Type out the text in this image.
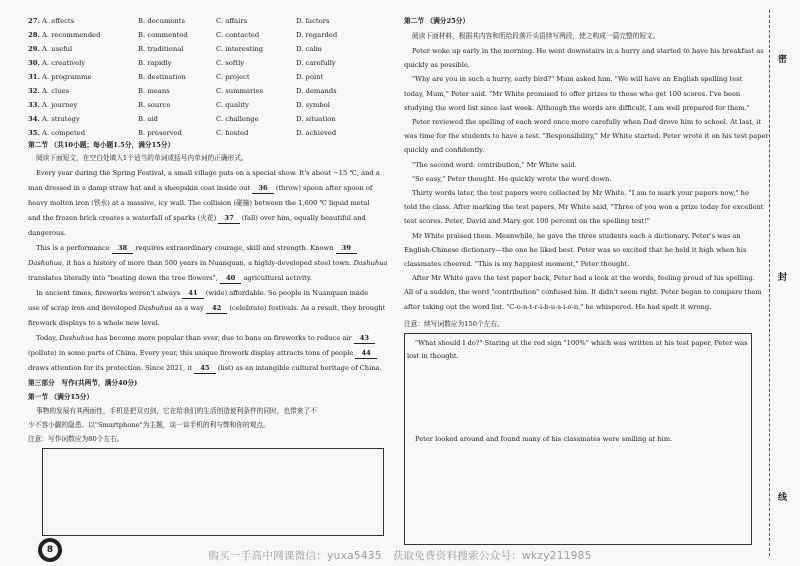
27. A. effects	B. documents	C. affairs	D. factors
28. A. recommended	B. commented	C. contacted	D. regarded
29. A. useful	B. traditional	C. interesting	D. calm
30. A. creatively	B. rapidly	C. softly	D. carefully
31. A. programme	B. destination	C. project	D. point
32. A. clues	B. means	C. summaries	D. demands
33. A. journey	B. source	C. quality	D. symbol
34. A. strategy	B. aid	C. challenge	D. situation
35. A. competed	B. preserved	C. hosted	D. achieved
第二节 （共10小题；每小题1.5分，满分15分）
阅读下面短文，在空白处填入1个适当的单词或括号内单词的正确形式。
Every year during the Spring Festival, a small village puts on a special show. It's about −15 ℃, and a
man dressed in a damp straw hat and a sheepskin coat inside out 36 (throw) spoon after spoon of
heavy molten iron (铁水) at a massive, icy wall. The collision (碰撞) between the 1,600 ℃ liquid metal
and the frozen brick creates a waterfall of sparks (火花) 37 (fall) over him, equally beautiful and
dangerous.
This is a performance 38 requires extraordinary courage, skill and strength. Known 39
Dashuhua, it has a history of more than 500 years in Nuanquan, a highly-developed steel town. Dashuhua
translates literally into "beating down the tree flowers", 40 agricultural activity.
In ancient times, fireworks weren't always 41 (wide) affordable. So people in Nuanquan made
use of scrap iron and developed Dashuhua as a way 42 (celebrate) festivals. As a result, they brought
firework displays to a whole new level.
Today, Dashuhua has become more popular than ever, due to bans on fireworks to reduce air 43
(pollute) in some parts of China. Every year, this unique firework display attracts tons of people 44
draws attention for its protection. Since 2021, it 45 (list) as an intangible cultural heritage of China.
第三部分　写作(共两节，满分40分)
第一节 （满分15分）
事物的发展有其两面性，手机是把双刃剑，它在给我们的生活创造便利条件的同时，也带来了不
少不容小觑的隐患。以"Smartphone"为主题，谈一谈手机的利与弊和你的观点。
注意：写作词数应为80个左右。
第二节 （满分25分）
阅读下面材料，根据其内容和所给段落开头语续写两段，使之构成一篇完整的短文。
Peter woke up early in the morning. He went downstairs in a hurry and started to have his breakfast as
quickly as possible.
"Why are you in such a hurry, early bird?" Mum asked him. "We will have an English spelling test
today, Mum," Peter said. "Mr White promised to offer prizes to those who get 100 scores. I've been
studying the word list since last week. Although the words are difficult, I am well prepared for them."
Peter reviewed the spelling of each word once more carefully when Dad drove him to school. At last, it
was time for the students to have a test. "Responsibility," Mr White started. Peter wrote it on his test paper
quickly and confidently.
"The second word: contribution," Mr White said.
"So easy," Peter thought. He quickly wrote the word down.
Thirty words later, the test papers were collected by Mr White. "I am to mark your papers now," he
told the class. After marking the test papers, Mr White said, "Three of you won a prize today for excellent
test scores. Peter, David and Mary got 100 percent on the spelling test!"
Mr White praised them. Meanwhile, he gave the three students each a dictionary. Peter's was an
English-Chinese dictionary—the one he liked best. Peter was so excited that he held it high when his
classmates cheered. "This is my happiest moment," Peter thought.
After Mr White gave the test paper back, Peter had a look at the words, feeling proud of his spelling.
All of a sudden, the word "contribution" confused him. It didn't seem right. Peter began to compare them
after taking out the word list. "C-o-n-t-r-i-b-u-s-i-o-n," he whispered. He had spelt it wrong.
注意：续写词数应为150个左右。
"What should I do?" Staring at the red sign "100%" which was written at his test paper, Peter was
lost in thought.
Peter looked around and found many of his classmates were smiling at him.
密
封
线
8	购买一手高中网课微信：yuxa5435　获取免费资料搜索公众号：wkzy211985
